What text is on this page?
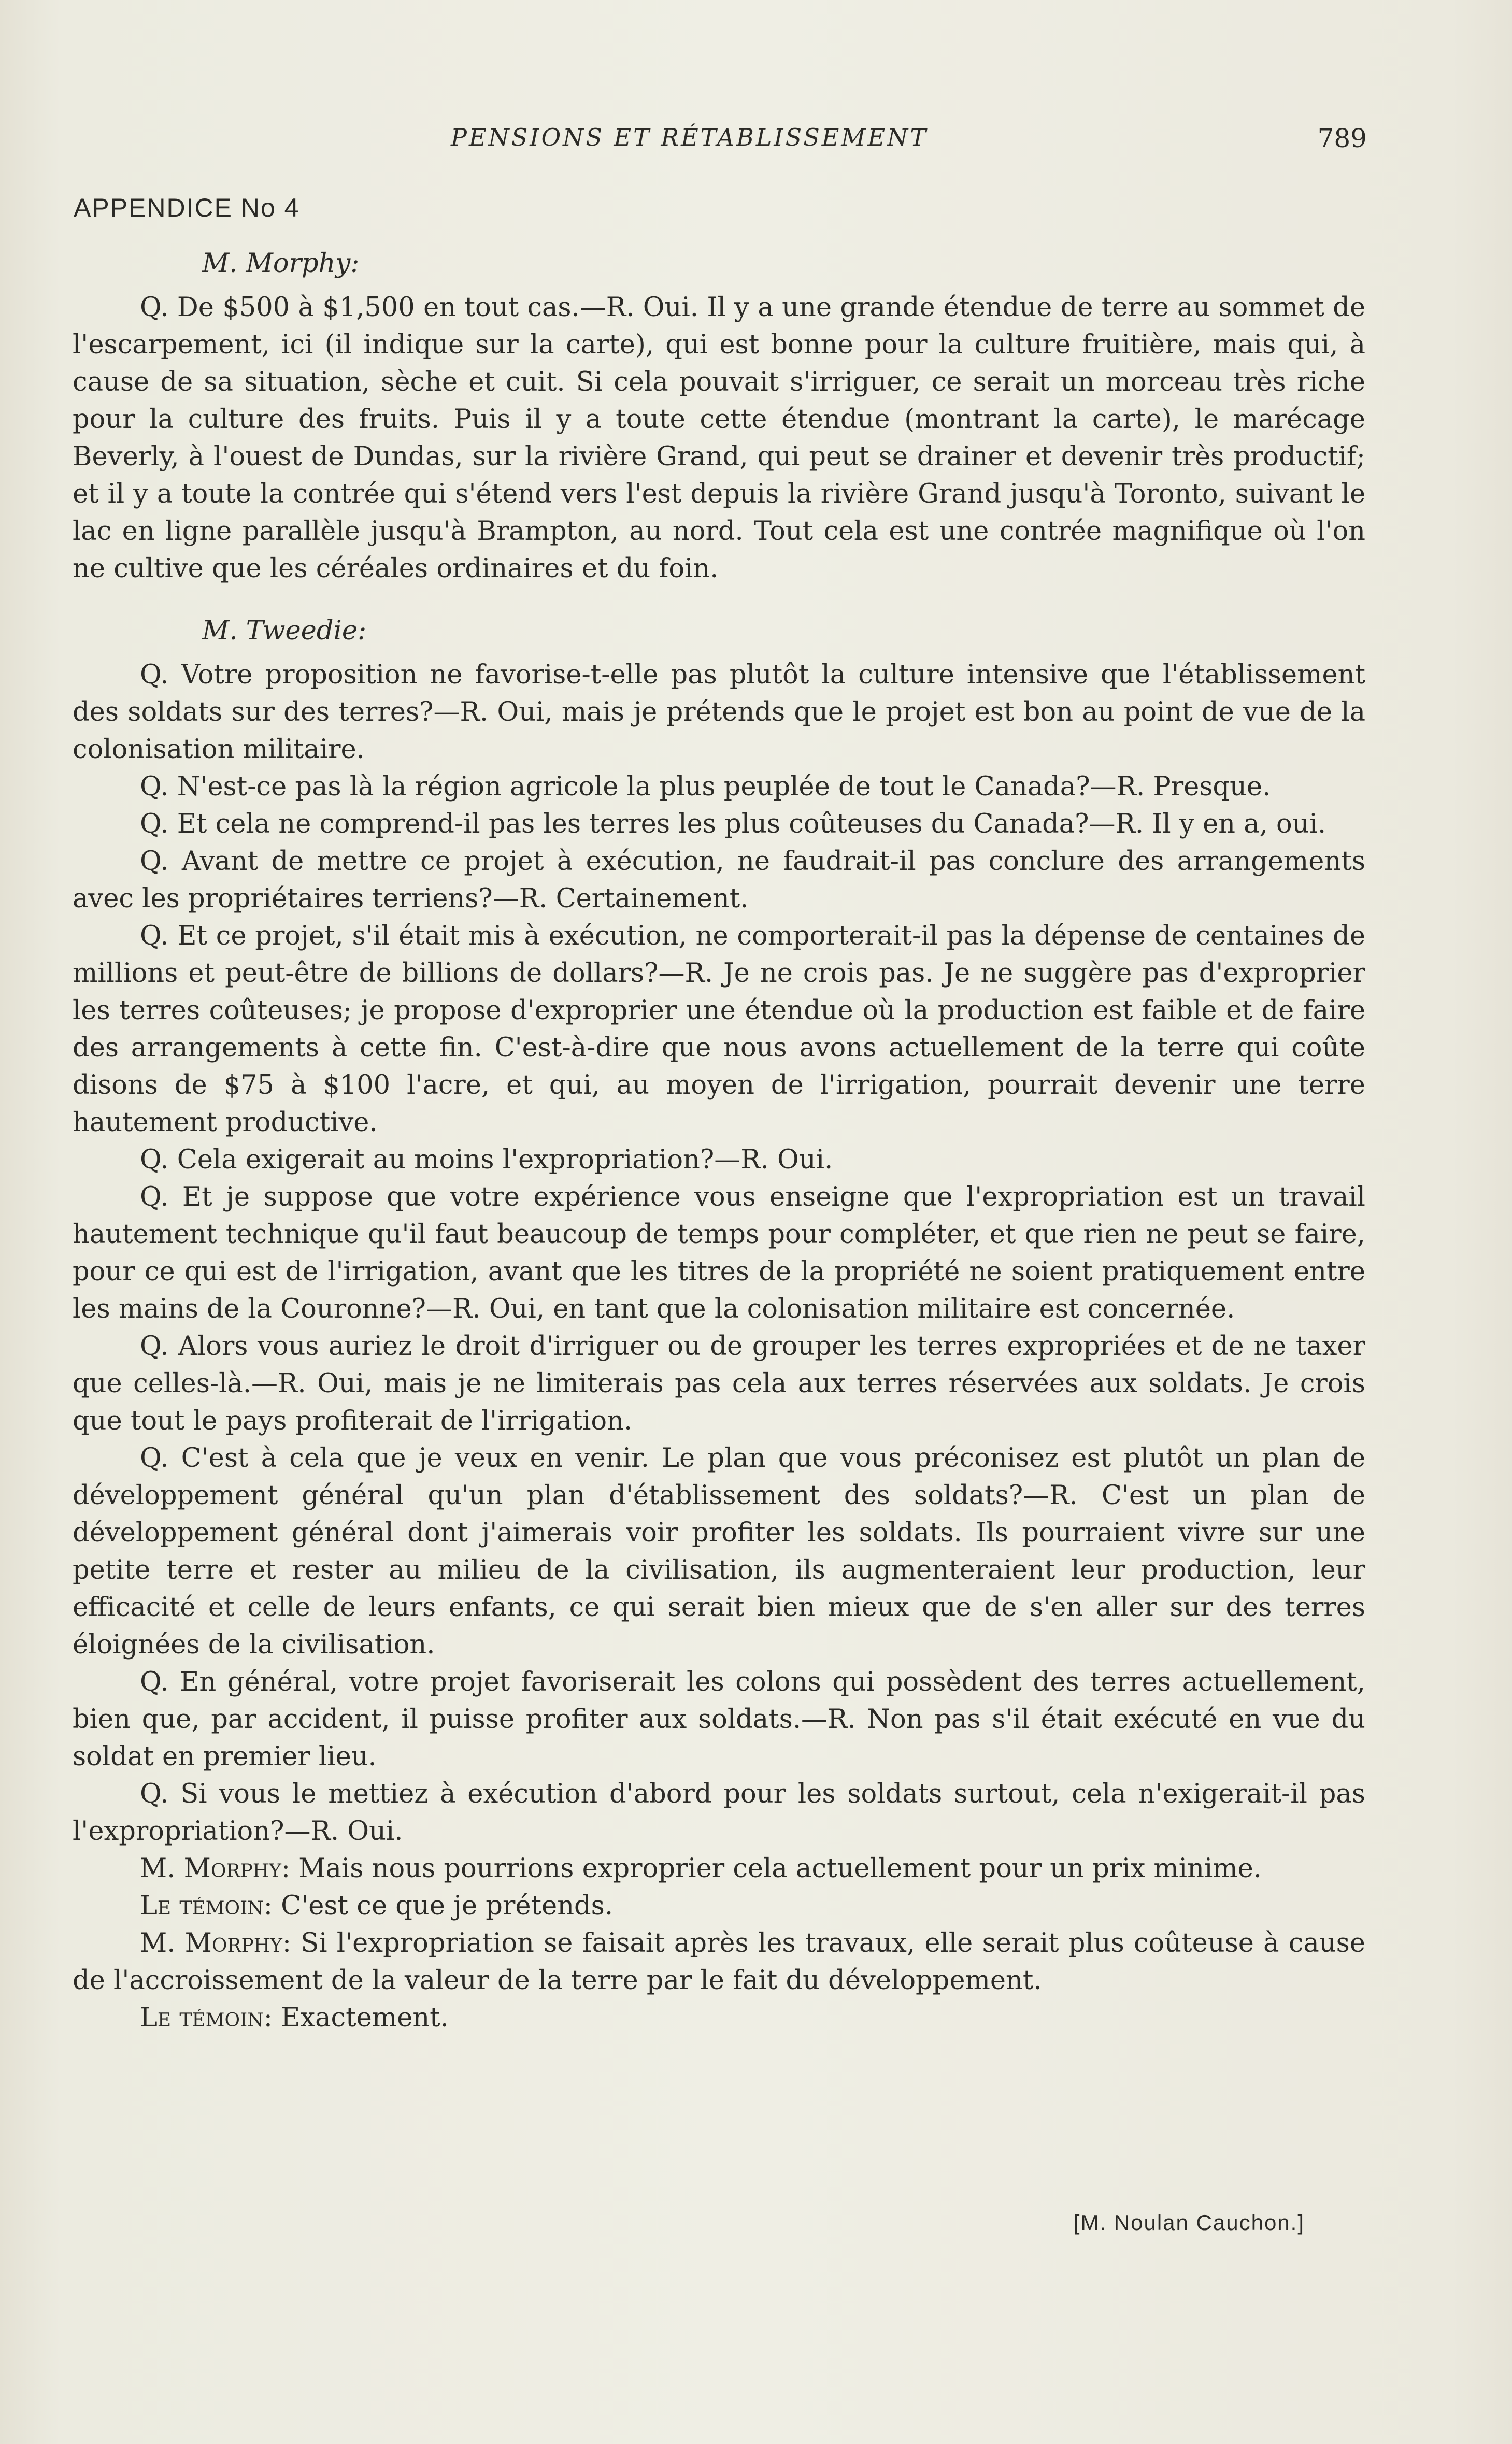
PENSIONS ET RÉTABLISSEMENT	789
APPENDICE No 4
M. Morphy:

Q. De $500 à $1,500 en tout cas.—R. Oui. Il y a une grande étendue de terre au sommet de l'escarpement, ici (il indique sur la carte), qui est bonne pour la culture fruitière, mais qui, à cause de sa situation, sèche et cuit. Si cela pouvait s'irriguer, ce serait un morceau très riche pour la culture des fruits. Puis il y a toute cette étendue (montrant la carte), le marécage Beverly, à l'ouest de Dundas, sur la rivière Grand, qui peut se drainer et devenir très productif; et il y a toute la contrée qui s'étend vers l'est depuis la rivière Grand jusqu'à Toronto, suivant le lac en ligne parallèle jusqu'à Brampton, au nord. Tout cela est une contrée magnifique où l'on ne cultive que les céréales ordinaires et du foin.

M. Tweedie:

Q. Votre proposition ne favorise-t-elle pas plutôt la culture intensive que l'établissement des soldats sur des terres?—R. Oui, mais je prétends que le projet est bon au point de vue de la colonisation militaire.

Q. N'est-ce pas là la région agricole la plus peuplée de tout le Canada?—R. Presque.

Q. Et cela ne comprend-il pas les terres les plus coûteuses du Canada?—R. Il y en a, oui.

Q. Avant de mettre ce projet à exécution, ne faudrait-il pas conclure des arrangements avec les propriétaires terriens?—R. Certainement.

Q. Et ce projet, s'il était mis à exécution, ne comporterait-il pas la dépense de centaines de millions et peut-être de billions de dollars?—R. Je ne crois pas. Je ne suggère pas d'exproprier les terres coûteuses; je propose d'exproprier une étendue où la production est faible et de faire des arrangements à cette fin. C'est-à-dire que nous avons actuellement de la terre qui coûte disons de $75 à $100 l'acre, et qui, au moyen de l'irrigation, pourrait devenir une terre hautement productive.

Q. Cela exigerait au moins l'expropriation?—R. Oui.

Q. Et je suppose que votre expérience vous enseigne que l'expropriation est un travail hautement technique qu'il faut beaucoup de temps pour compléter, et que rien ne peut se faire, pour ce qui est de l'irrigation, avant que les titres de la propriété ne soient pratiquement entre les mains de la Couronne?—R. Oui, en tant que la colonisation militaire est concernée.

Q. Alors vous auriez le droit d'irriguer ou de grouper les terres expropriées et de ne taxer que celles-là.—R. Oui, mais je ne limiterais pas cela aux terres réservées aux soldats. Je crois que tout le pays profiterait de l'irrigation.

Q. C'est à cela que je veux en venir. Le plan que vous préconisez est plutôt un plan de développement général qu'un plan d'établissement des soldats?—R. C'est un plan de développement général dont j'aimerais voir profiter les soldats. Ils pourraient vivre sur une petite terre et rester au milieu de la civilisation, ils augmenteraient leur production, leur efficacité et celle de leurs enfants, ce qui serait bien mieux que de s'en aller sur des terres éloignées de la civilisation.

Q. En général, votre projet favoriserait les colons qui possèdent des terres actuellement, bien que, par accident, il puisse profiter aux soldats.—R. Non pas s'il était exécuté en vue du soldat en premier lieu.

Q. Si vous le mettiez à exécution d'abord pour les soldats surtout, cela n'exigerait-il pas l'expropriation?—R. Oui.

M. Morphy: Mais nous pourrions exproprier cela actuellement pour un prix minime.

Le témoin: C'est ce que je prétends.

M. Morphy: Si l'expropriation se faisait après les travaux, elle serait plus coûteuse à cause de l'accroissement de la valeur de la terre par le fait du développement.

Le témoin: Exactement.

[M. Noulan Cauchon.]
